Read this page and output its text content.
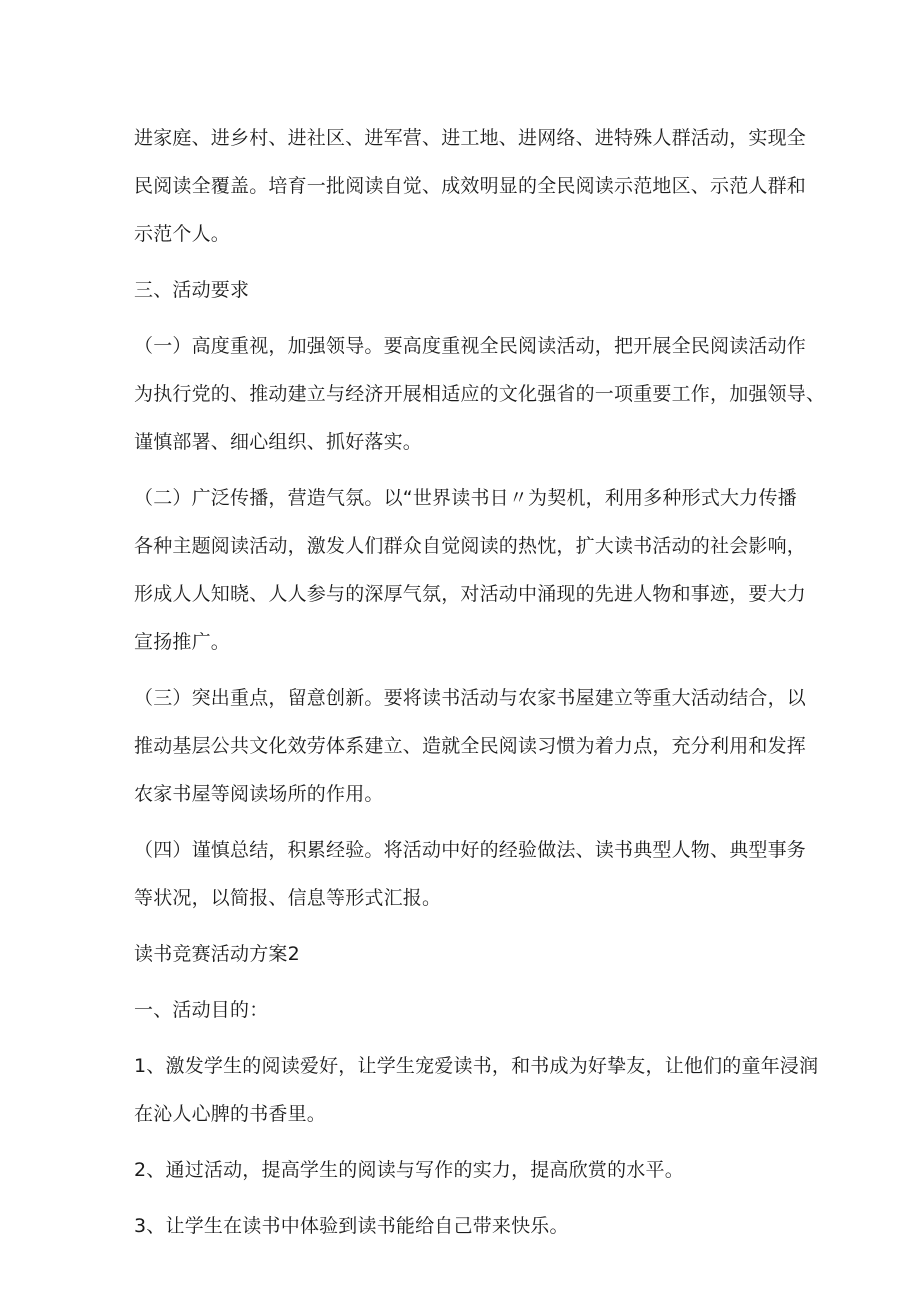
进家庭、进乡村、进社区、进军营、进工地、进网络、进特殊人群活动，实现全
民阅读全覆盖。培育一批阅读自觉、成效明显的全民阅读示范地区、示范人群和
示范个人。
三、活动要求
（一）高度重视，加强领导。要高度重视全民阅读活动，把开展全民阅读活动作
为执行党的、推动建立与经济开展相适应的文化强省的一项重要工作，加强领导、
谨慎部署、细心组织、抓好落实。
（二）广泛传播，营造气氛。以“世界读书日〃为契机，利用多种形式大力传播
各种主题阅读活动，激发人们群众自觉阅读的热忱，扩大读书活动的社会影响，
形成人人知晓、人人参与的深厚气氛，对活动中涌现的先进人物和事迹，要大力
宣扬推广。
（三）突出重点，留意创新。要将读书活动与农家书屋建立等重大活动结合，以
推动基层公共文化效劳体系建立、造就全民阅读习惯为着力点，充分利用和发挥
农家书屋等阅读场所的作用。
（四）谨慎总结，积累经验。将活动中好的经验做法、读书典型人物、典型事务
等状况，以简报、信息等形式汇报。
读书竞赛活动方案2
一、活动目的：
1、激发学生的阅读爱好，让学生宠爱读书，和书成为好挚友，让他们的童年浸润
在沁人心脾的书香里。
2、通过活动，提高学生的阅读与写作的实力，提高欣赏的水平。
3、让学生在读书中体验到读书能给自己带来快乐。
